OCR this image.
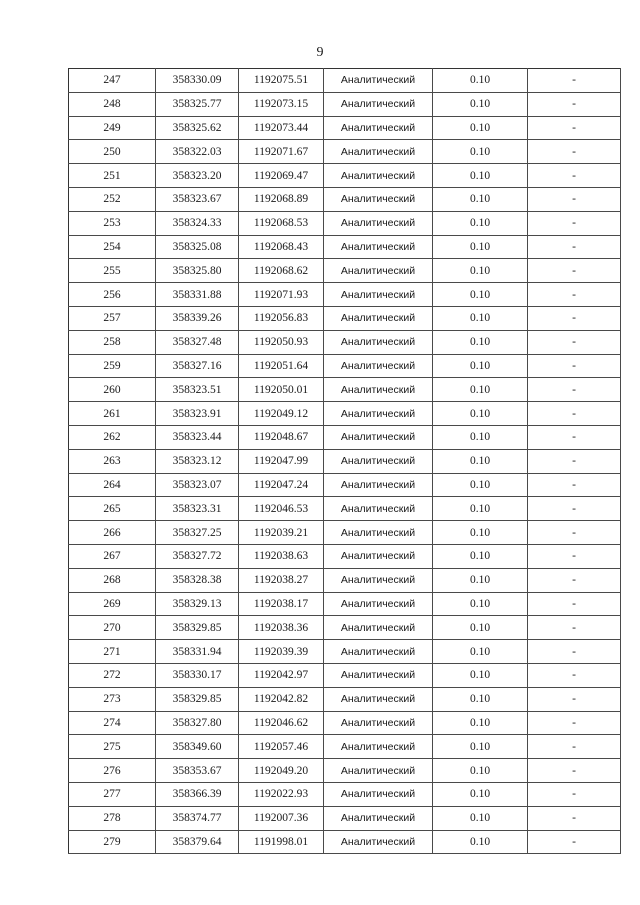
9
247	358330.09	1192075.51	Аналитический	0.10	-
248	358325.77	1192073.15	Аналитический	0.10	-
249	358325.62	1192073.44	Аналитический	0.10	-
250	358322.03	1192071.67	Аналитический	0.10	-
251	358323.20	1192069.47	Аналитический	0.10	-
252	358323.67	1192068.89	Аналитический	0.10	-
253	358324.33	1192068.53	Аналитический	0.10	-
254	358325.08	1192068.43	Аналитический	0.10	-
255	358325.80	1192068.62	Аналитический	0.10	-
256	358331.88	1192071.93	Аналитический	0.10	-
257	358339.26	1192056.83	Аналитический	0.10	-
258	358327.48	1192050.93	Аналитический	0.10	-
259	358327.16	1192051.64	Аналитический	0.10	-
260	358323.51	1192050.01	Аналитический	0.10	-
261	358323.91	1192049.12	Аналитический	0.10	-
262	358323.44	1192048.67	Аналитический	0.10	-
263	358323.12	1192047.99	Аналитический	0.10	-
264	358323.07	1192047.24	Аналитический	0.10	-
265	358323.31	1192046.53	Аналитический	0.10	-
266	358327.25	1192039.21	Аналитический	0.10	-
267	358327.72	1192038.63	Аналитический	0.10	-
268	358328.38	1192038.27	Аналитический	0.10	-
269	358329.13	1192038.17	Аналитический	0.10	-
270	358329.85	1192038.36	Аналитический	0.10	-
271	358331.94	1192039.39	Аналитический	0.10	-
272	358330.17	1192042.97	Аналитический	0.10	-
273	358329.85	1192042.82	Аналитический	0.10	-
274	358327.80	1192046.62	Аналитический	0.10	-
275	358349.60	1192057.46	Аналитический	0.10	-
276	358353.67	1192049.20	Аналитический	0.10	-
277	358366.39	1192022.93	Аналитический	0.10	-
278	358374.77	1192007.36	Аналитический	0.10	-
279	358379.64	1191998.01	Аналитический	0.10	-
